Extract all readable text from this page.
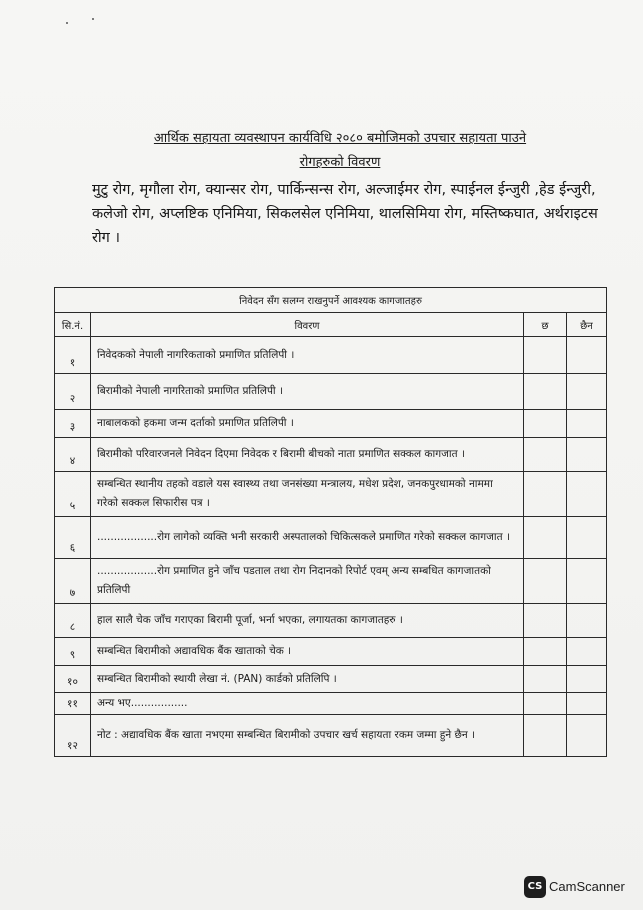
आर्थिक सहायता व्यवस्थापन कार्यविधि २०८० बमोजिमको उपचार सहायता पाउने
रोगहरुको विवरण
मुटु रोग, मृगौला रोग, क्यान्सर रोग, पार्किन्सन्स रोग, अल्जाईमर रोग, स्पाईनल ईन्जुरी ,हेड ईन्जुरी, कलेजो रोग, अप्लष्टिक एनिमिया, सिकलसेल एनिमिया, थालसिमिया रोग, मस्तिष्कघात, अर्थराइटस रोग ।
निवेदन सँग सलग्न राखनुपर्ने आवश्यक कागजातहरु			
सि.नं.	विवरण	छ	छैन
१	निवेदकको नेपाली नागरिकताको प्रमाणित प्रतिलिपी ।		
२	बिरामीको नेपाली नागरिताको प्रमाणित प्रतिलिपी ।		
३	नाबालकको हकमा जन्म दर्ताको प्रमाणित प्रतिलिपी ।		
४	बिरामीको परिवारजनले निवेदन दिएमा निवेदक र बिरामी बीचको नाता प्रमाणित सक्कल कागजात ।		
५	सम्बन्धित स्थानीय तहको वडाले यस स्वास्थ्य तथा जनसंख्या मन्त्रालय, मधेश प्रदेश, जनकपुरधामको नाममा गरेको सक्कल सिफारीस पत्र ।		
६	..................रोग लागेको व्यक्ति भनी सरकारी अस्पतालको चिकित्सकले प्रमाणित गरेको सक्कल कागजात ।		
७	..................रोग प्रमाणित हुने जाँच पडताल तथा रोग निदानको रिपोर्ट एवम् अन्य सम्बधित कागजातको प्रतिलिपी		
८	हाल सालै चेक जाँच गराएका बिरामी पूर्जा, भर्ना भएका, लगायतका कागजातहरु ।		
९	सम्बन्धित बिरामीको अद्यावधिक बैंक खाताको चेक ।		
१०	सम्बन्धित बिरामीको स्थायी लेखा नं. (PAN) कार्डको प्रतिलिपि ।		
११	अन्य भए.................		
१२	नोट : अद्यावधिक बैंक खाता नभएमा सम्बन्धित बिरामीको उपचार खर्च सहायता रकम जम्मा हुने छैन ।		
CS CamScanner
